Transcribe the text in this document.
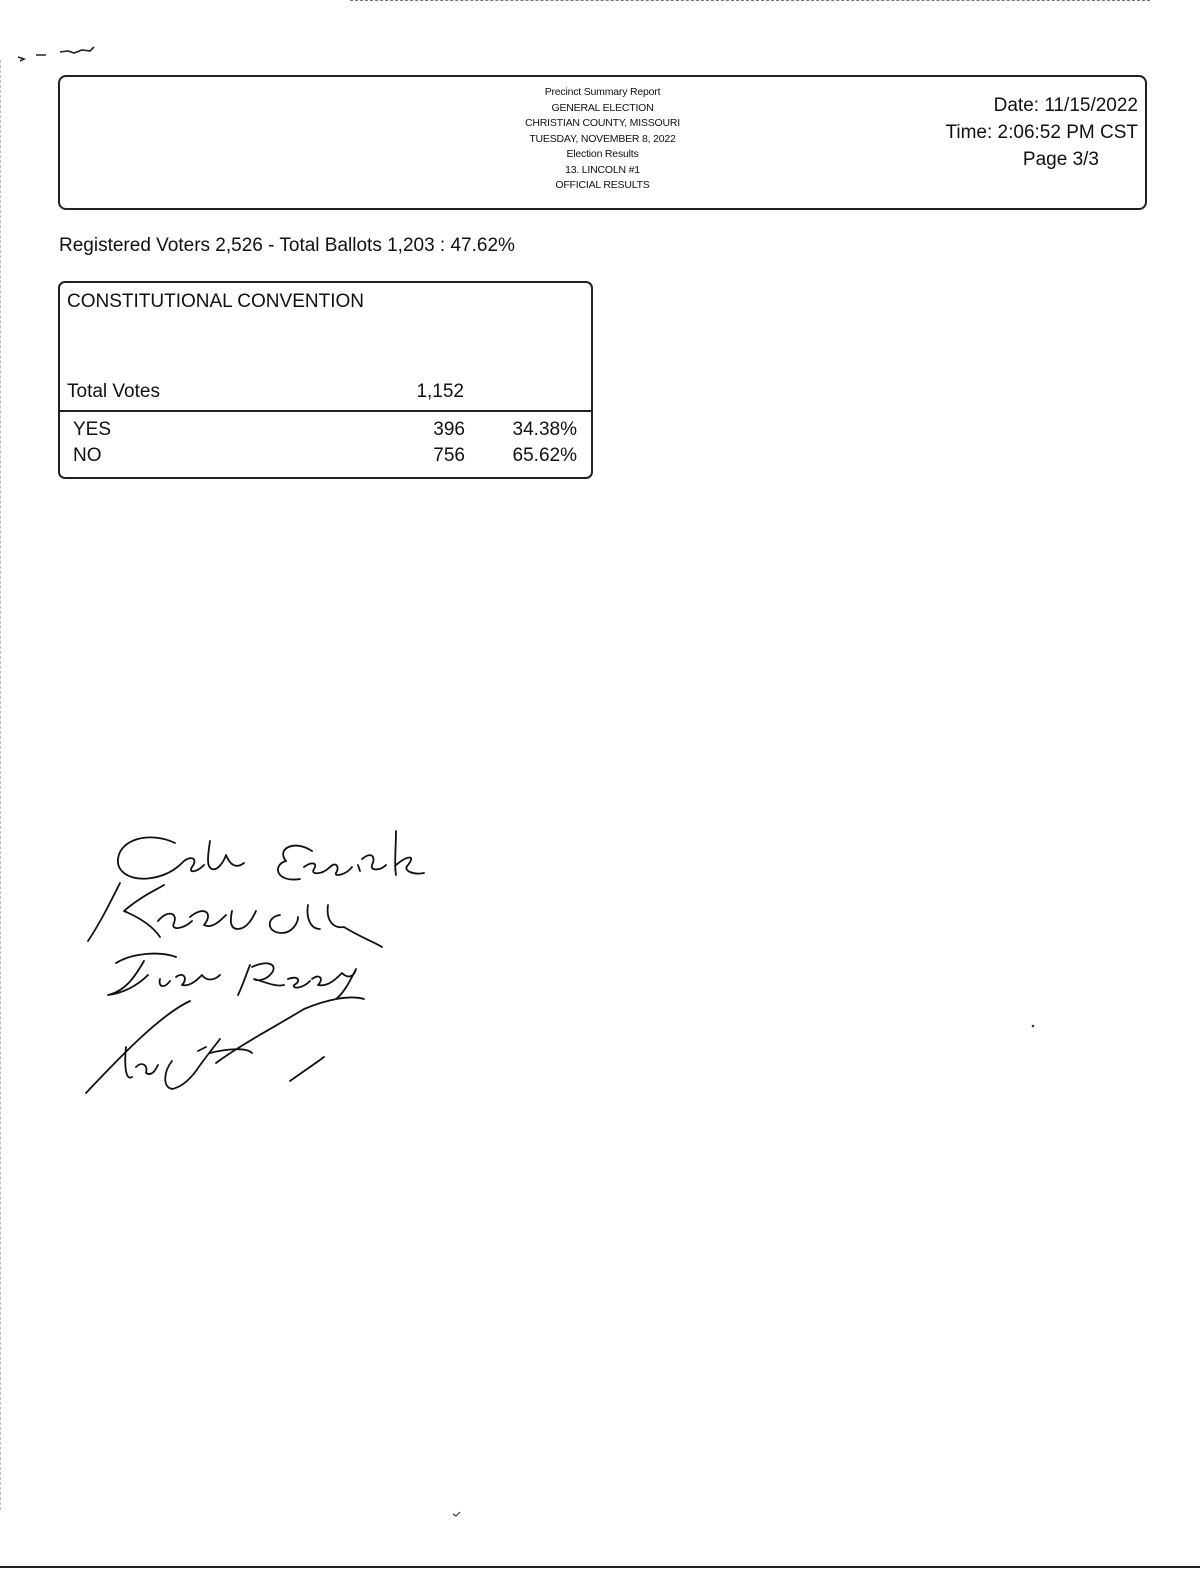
Precinct Summary Report
GENERAL ELECTION
CHRISTIAN COUNTY, MISSOURI
TUESDAY, NOVEMBER 8, 2022
Election Results
13. LINCOLN #1
OFFICIAL RESULTS
Date: 11/15/2022
Time: 2:06:52 PM CST
Page 3/3
Registered Voters 2,526 - Total Ballots 1,203 : 47.62%
CONSTITUTIONAL CONVENTION
Total Votes	1,152
YES	396	34.38%
NO	756	65.62%
